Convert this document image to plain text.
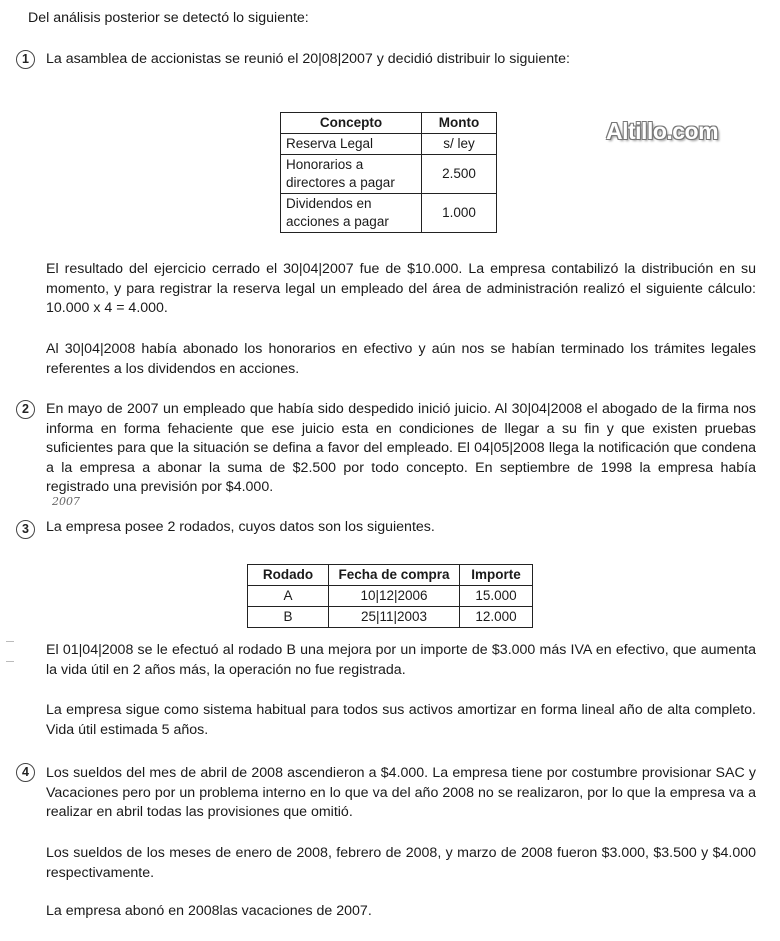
Del análisis posterior se detectó lo siguiente:
Altillo.com
1	La asamblea de accionistas se reunió el 20|08|2007 y decidió distribuir lo siguiente:
Concepto	Monto
Reserva Legal	s/ ley
Honorarios a
directores a pagar	2.500
Dividendos en
acciones a pagar	1.000

El resultado del ejercicio cerrado el 30|04|2007 fue de $10.000. La empresa contabilizó la distribución en su momento, y para registrar la reserva legal un empleado del área de administración realizó el siguiente cálculo: 10.000 x 4 = 4.000.

Al 30|04|2008 había abonado los honorarios en efectivo y aún nos se habían terminado los trámites legales referentes a los dividendos en acciones.

2	En mayo de 2007 un empleado que había sido despedido inició juicio. Al 30|04|2008 el abogado de la firma nos informa en forma fehaciente que ese juicio esta en condiciones de llegar a su fin y que existen pruebas suficientes para que la situación se defina a favor del empleado. El 04|05|2008 llega la notificación que condena a la empresa a abonar la suma de $2.500 por todo concepto. En septiembre de 1998 la empresa había registrado una previsión por $4.000.

2007
3	La empresa posee 2 rodados, cuyos datos son los siguientes.
Rodado	Fecha de compra	Importe
A	10|12|2006	15.000
B	25|11|2003	12.000

El 01|04|2008 se le efectuó al rodado B una mejora por un importe de $3.000 más IVA en efectivo, que aumenta la vida útil en 2 años más, la operación no fue registrada.

La empresa sigue como sistema habitual para todos sus activos amortizar en forma lineal año de alta completo. Vida útil estimada 5 años.

4	Los sueldos del mes de abril de 2008 ascendieron a $4.000. La empresa tiene por costumbre provisionar SAC y Vacaciones pero por un problema interno en lo que va del año 2008 no se realizaron, por lo que la empresa va a realizar en abril todas las provisiones que omitió.

Los sueldos de los meses de enero de 2008, febrero de 2008, y marzo de 2008 fueron $3.000, $3.500 y $4.000 respectivamente.

La empresa abonó en 2008las vacaciones de 2007.
